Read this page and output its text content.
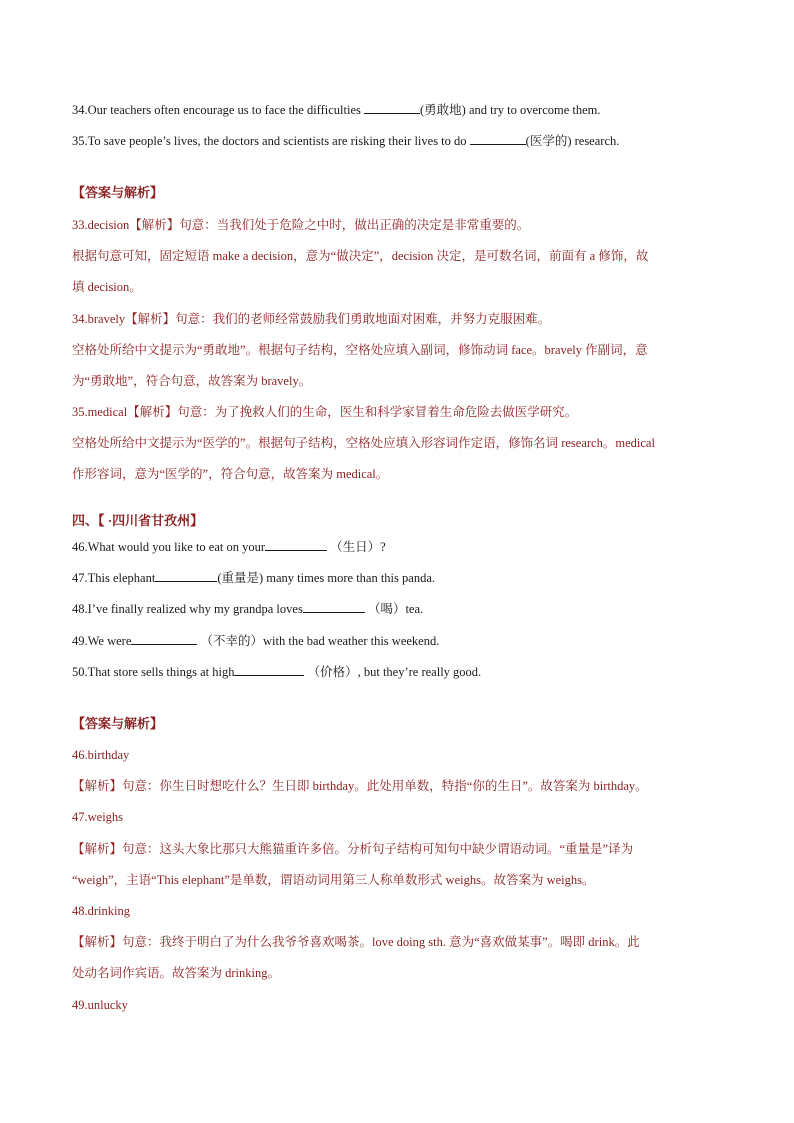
34.Our teachers often encourage us to face the difficulties	(勇敢地) and try to overcome them.
35.To save people’s lives, the doctors and scientists are risking their lives to do	(医学的) research.
【答案与解析】
33.decision【解析】句意：当我们处于危险之中时，做出正确的决定是非常重要的。
根据句意可知，固定短语 make a decision，意为“做决定”，decision 决定，是可数名词，前面有 a 修饰，故
填 decision。
34.bravely【解析】句意：我们的老师经常鼓励我们勇敢地面对困难，并努力克服困难。
空格处所给中文提示为“勇敢地”。根据句子结构，空格处应填入副词，修饰动词 face。bravely 作副词，意
为“勇敢地”，符合句意，故答案为 bravely。
35.medical【解析】句意：为了挽救人们的生命，医生和科学家冒着生命危险去做医学研究。
空格处所给中文提示为“医学的”。根据句子结构，空格处应填入形容词作定语，修饰名词 research。medical
作形容词，意为“医学的”，符合句意，故答案为 medical。
四、【 ·四川省甘孜州】
46.What would you like to eat on your	（生日）?
47.This elephant	(重量是) many times more than this panda.
48.I’ve finally realized why my grandpa loves	（喝）tea.
49.We were	（不幸的）with the bad weather this weekend.
50.That store sells things at high	（价格）, but they’re really good.
【答案与解析】
46.birthday
【解析】句意：你生日时想吃什么？生日即 birthday。此处用单数，特指“你的生日”。故答案为 birthday。
47.weighs
【解析】句意：这头大象比那只大熊猫重许多倍。分析句子结构可知句中缺少谓语动词。“重量是”译为
“weigh”，主语“This elephant”是单数，谓语动词用第三人称单数形式 weighs。故答案为 weighs。
48.drinking
【解析】句意：我终于明白了为什么我爷爷喜欢喝茶。love doing sth. 意为“喜欢做某事”。喝即 drink。此
处动名词作宾语。故答案为 drinking。
49.unlucky
